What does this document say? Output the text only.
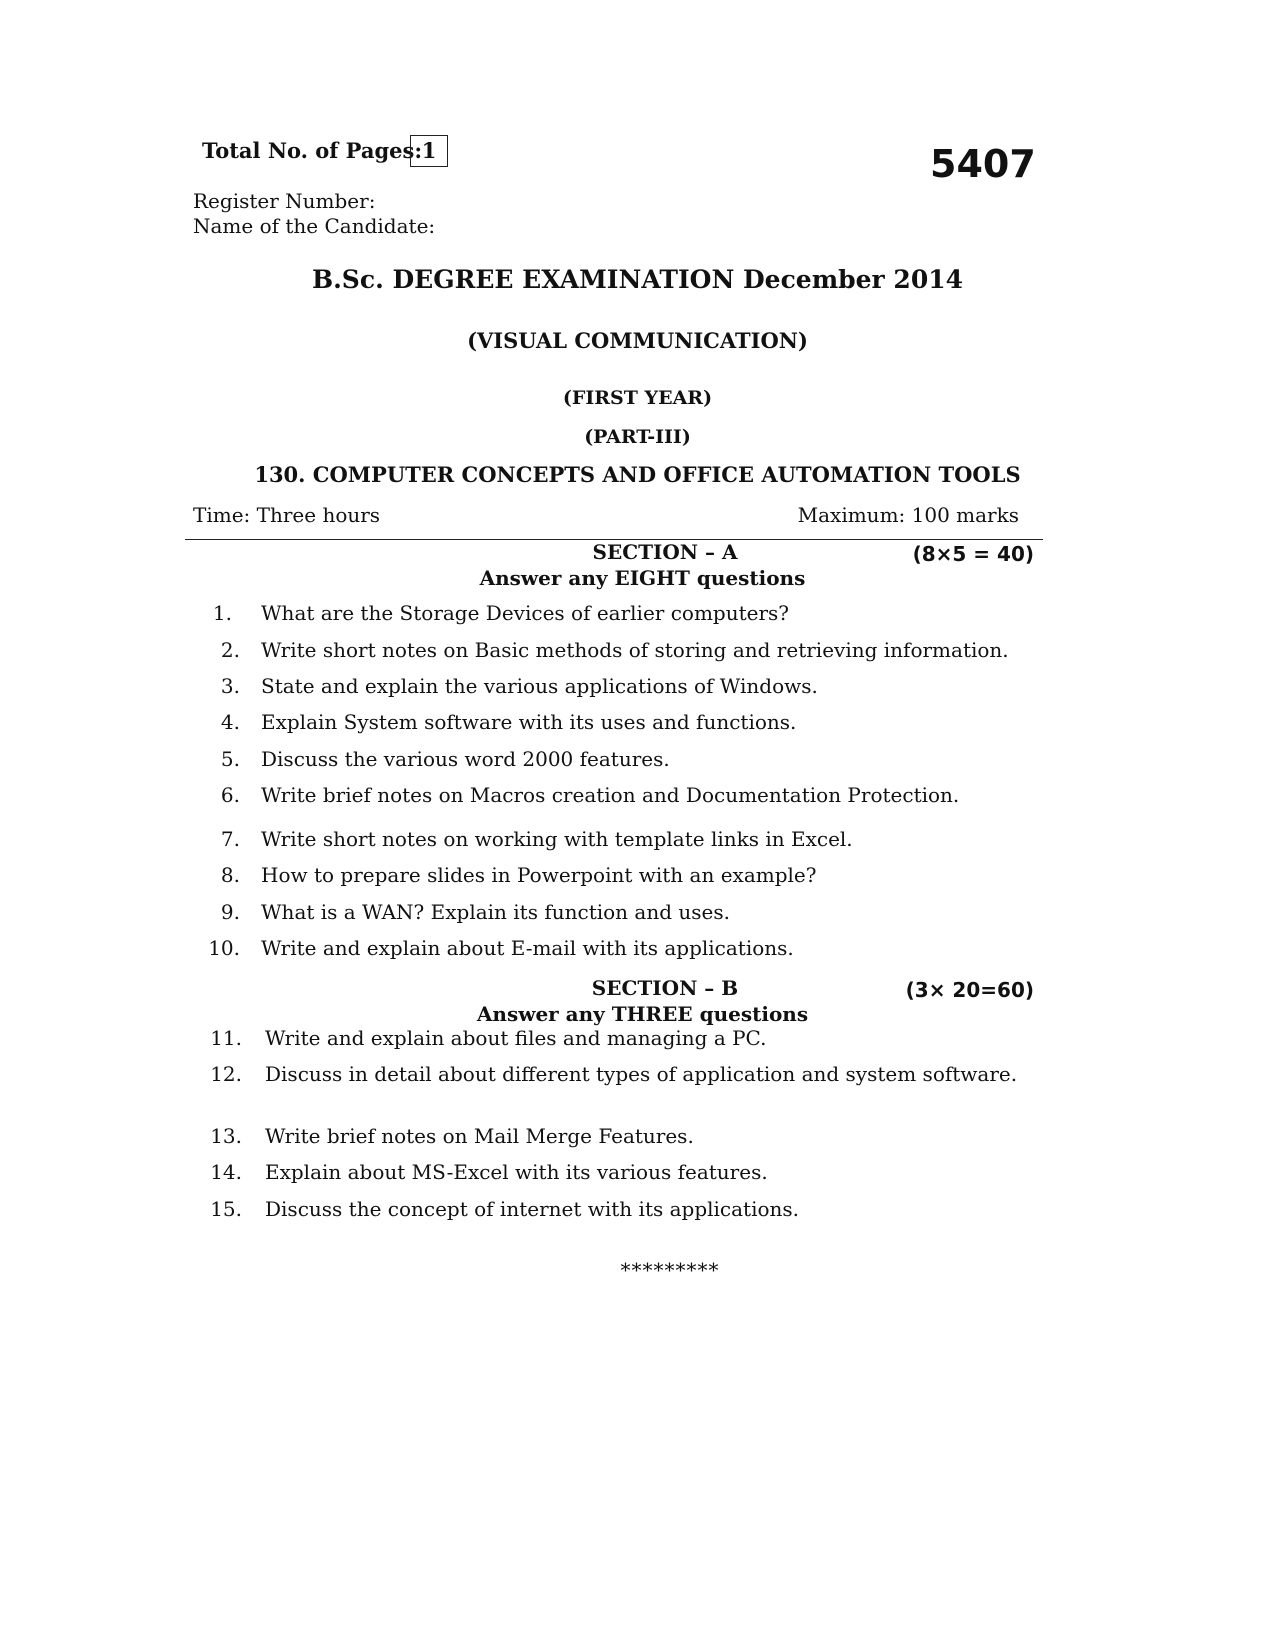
Total No. of Pages: 1	5407
Register Number:
Name of the Candidate:
B.Sc. DEGREE EXAMINATION December 2014
(VISUAL COMMUNICATION)
(FIRST YEAR)
(PART-III)
130. COMPUTER CONCEPTS AND OFFICE AUTOMATION TOOLS
Time: Three hours	Maximum: 100 marks
SECTION – A	(8×5 = 40)
Answer any EIGHT questions
1. What are the Storage Devices of earlier computers?
2. Write short notes on Basic methods of storing and retrieving information.
3. State and explain the various applications of Windows.
4. Explain System software with its uses and functions.
5. Discuss the various word 2000 features.
6. Write brief notes on Macros creation and Documentation Protection.
7. Write short notes on working with template links in Excel.
8. How to prepare slides in Powerpoint with an example?
9. What is a WAN? Explain its function and uses.
10. Write and explain about E-mail with its applications.
SECTION – B	(3× 20=60)
Answer any THREE questions
11. Write and explain about files and managing a PC.
12. Discuss in detail about different types of application and system software.
13. Write brief notes on Mail Merge Features.
14. Explain about MS-Excel with its various features.
15. Discuss the concept of internet with its applications.
*********
